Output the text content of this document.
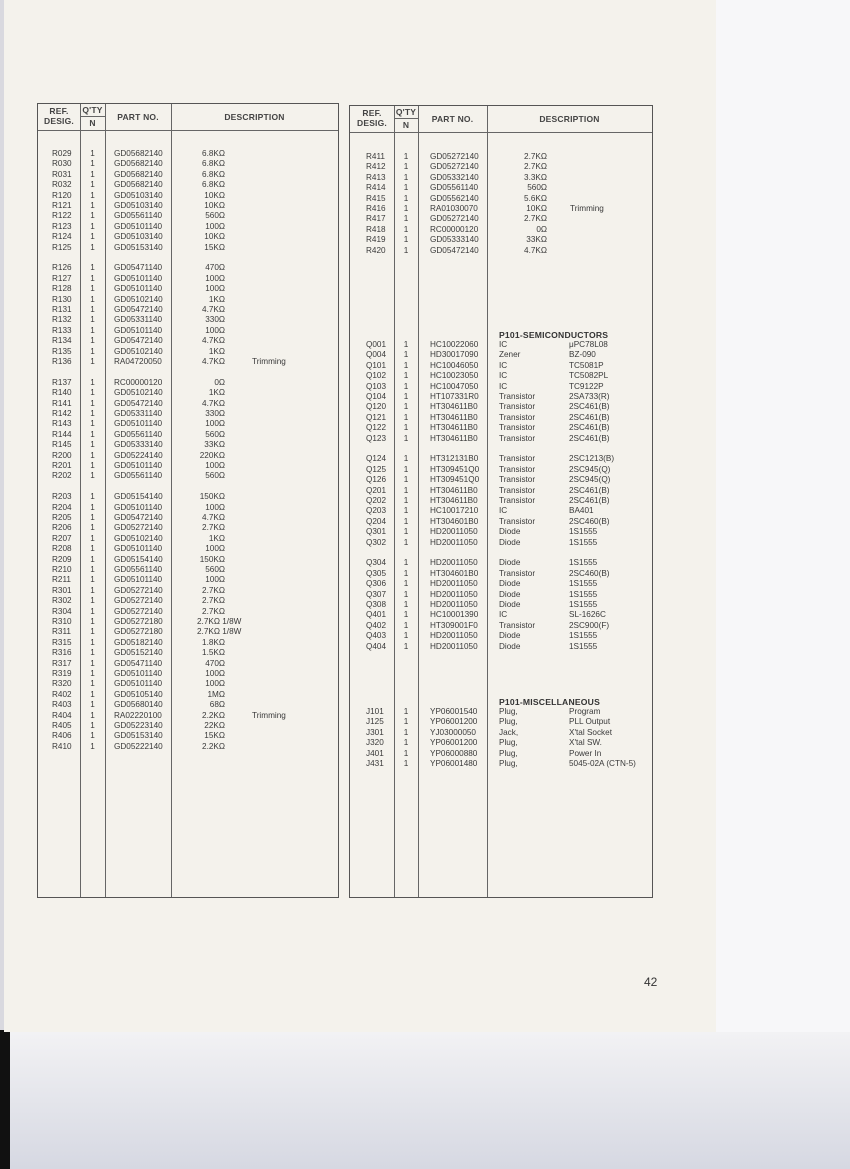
REF.
DESIG.
Q'TY
N
PART NO.	DESCRIPTION
R029	1	GD05682140	6.8KΩ
R030	1	GD05682140	6.8KΩ
R031	1	GD05682140	6.8KΩ
R032	1	GD05682140	6.8KΩ
R120	1	GD05103140	10KΩ
R121	1	GD05103140	10KΩ
R122	1	GD05561140	560Ω
R123	1	GD05101140	100Ω
R124	1	GD05103140	10KΩ
R125	1	GD05153140	15KΩ
R126	1	GD05471140	470Ω
R127	1	GD05101140	100Ω
R128	1	GD05101140	100Ω
R130	1	GD05102140	1KΩ
R131	1	GD05472140	4.7KΩ
R132	1	GD05331140	330Ω
R133	1	GD05101140	100Ω
R134	1	GD05472140	4.7KΩ
R135	1	GD05102140	1KΩ
R136	1	RA04720050	4.7KΩ	Trimming
R137	1	RC00000120	0Ω
R140	1	GD05102140	1KΩ
R141	1	GD05472140	4.7KΩ
R142	1	GD05331140	330Ω
R143	1	GD05101140	100Ω
R144	1	GD05561140	560Ω
R145	1	GD05333140	33KΩ
R200	1	GD05224140	220KΩ
R201	1	GD05101140	100Ω
R202	1	GD05561140	560Ω
R203	1	GD05154140	150KΩ
R204	1	GD05101140	100Ω
R205	1	GD05472140	4.7KΩ
R206	1	GD05272140	2.7KΩ
R207	1	GD05102140	1KΩ
R208	1	GD05101140	100Ω
R209	1	GD05154140	150KΩ
R210	1	GD05561140	560Ω
R211	1	GD05101140	100Ω
R301	1	GD05272140	2.7KΩ
R302	1	GD05272140	2.7KΩ
R304	1	GD05272140	2.7KΩ
R310	1	GD05272180	2.7KΩ 1/8W
R311	1	GD05272180	2.7KΩ 1/8W
R315	1	GD05182140	1.8KΩ
R316	1	GD05152140	1.5KΩ
R317	1	GD05471140	470Ω
R319	1	GD05101140	100Ω
R320	1	GD05101140	100Ω
R402	1	GD05105140	1MΩ
R403	1	GD05680140	68Ω
R404	1	RA02220100	2.2KΩ	Trimming
R405	1	GD05223140	22KΩ
R406	1	GD05153140	15KΩ
R410	1	GD05222140	2.2KΩ
REF.
DESIG.
Q'TY
N
PART NO.	DESCRIPTION
R411	1	GD05272140	2.7KΩ
R412	1	GD05272140	2.7KΩ
R413	1	GD05332140	3.3KΩ
R414	1	GD05561140	560Ω
R415	1	GD05562140	5.6KΩ
R416	1	RA01030070	10KΩ	Trimming
R417	1	GD05272140	2.7KΩ
R418	1	RC00000120	0Ω
R419	1	GD05333140	33KΩ
R420	1	GD05472140	4.7KΩ
P101-SEMICONDUCTORS
Q001	1	HC10022060	IC	μPC78L08
Q004	1	HD30017090	Zener	BZ-090
Q101	1	HC10046050	IC	TC5081P
Q102	1	HC10023050	IC	TC5082PL
Q103	1	HC10047050	IC	TC9122P
Q104	1	HT107331R0 Transistor	2SA733(R)
Q120	1	HT304611B0	Transistor	2SC461(B)
Q121	1	HT304611B0	Transistor	2SC461(B)
Q122	1	HT304611B0	Transistor	2SC461(B)
Q123	1	HT304611B0	Transistor	2SC461(B)
Q124	1	HT312131B0	Transistor	2SC1213(B)
Q125	1	HT309451Q0 Transistor	2SC945(Q)
Q126	1	HT309451Q0 Transistor	2SC945(Q)
Q201	1	HT304611B0	Transistor	2SC461(B)
Q202	1	HT304611B0	Transistor	2SC461(B)
Q203	1	HC10017210	IC	BA401
Q204	1	HT304601B0	Transistor	2SC460(B)
Q301	1	HD20011050	Diode	1S1555
Q302	1	HD20011050	Diode	1S1555
Q304	1	HD20011050	Diode	1S1555
Q305	1	HT304601B0	Transistor	2SC460(B)
Q306	1	HD20011050	Diode	1S1555
Q307	1	HD20011050	Diode	1S1555
Q308	1	HD20011050	Diode	1S1555
Q401	1	HC10001390	IC	SL-1626C
Q402	1	HT309001F0	Transistor	2SC900(F)
Q403	1	HD20011050	Diode	1S1555
Q404	1	HD20011050	Diode	1S1555
P101-MISCELLANEOUS
J101	1	YP06001540	Plug,	Program
J125	1	YP06001200	Plug,	PLL Output
J301	1	YJ03000050	Jack,	X'tal Socket
J320	1	YP06001200	Plug,	X'tal SW.
J401	1	YP06000880	Plug,	Power In
J431	1	YP06001480	Plug,	5045-02A (CTN-5)
42
